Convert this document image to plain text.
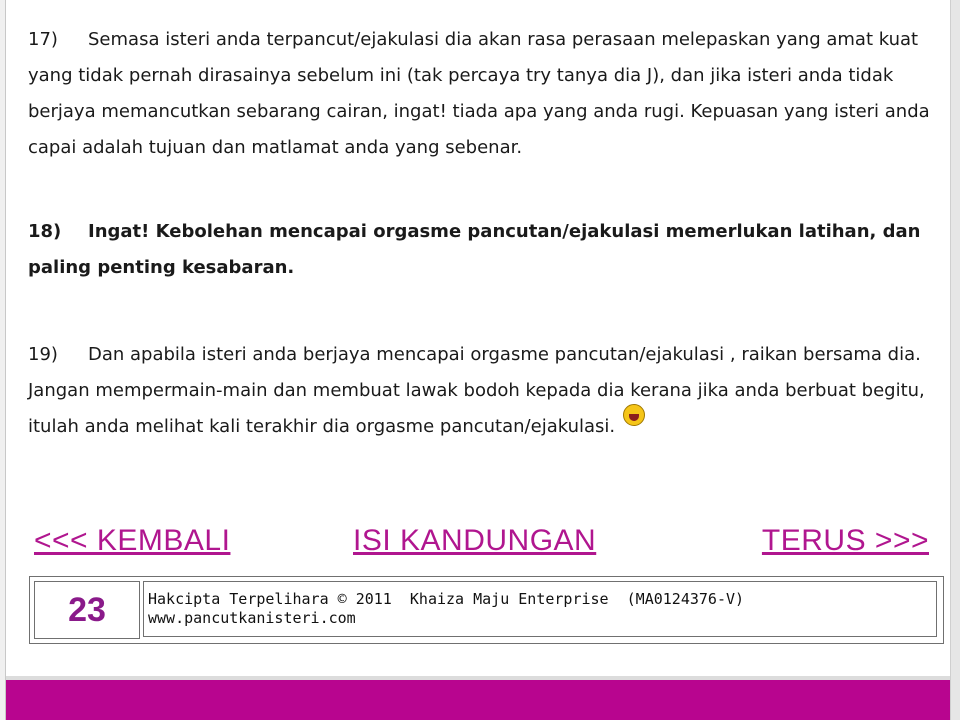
17) Semasa isteri anda terpancut/ejakulasi dia akan rasa perasaan melepaskan yang amat kuat yang tidak pernah dirasainya sebelum ini (tak percaya try tanya dia J), dan jika isteri anda tidak berjaya memancutkan sebarang cairan, ingat! tiada apa yang anda rugi. Kepuasan yang isteri anda capai adalah tujuan dan matlamat anda yang sebenar.

18) Ingat! Kebolehan mencapai orgasme pancutan/ejakulasi memerlukan latihan, dan paling penting kesabaran.

19) Dan apabila isteri anda berjaya mencapai orgasme pancutan/ejakulasi , raikan bersama dia. Jangan mempermain-main dan membuat lawak bodoh kepada dia kerana jika anda berbuat begitu, itulah anda melihat kali terakhir dia orgasme pancutan/ejakulasi.

<<< KEMBALI	ISI KANDUNGAN	TERUS >>>
23	Hakcipta Terpelihara © 2011  Khaiza Maju Enterprise  (MA0124376-V)
www.pancutkanisteri.com
